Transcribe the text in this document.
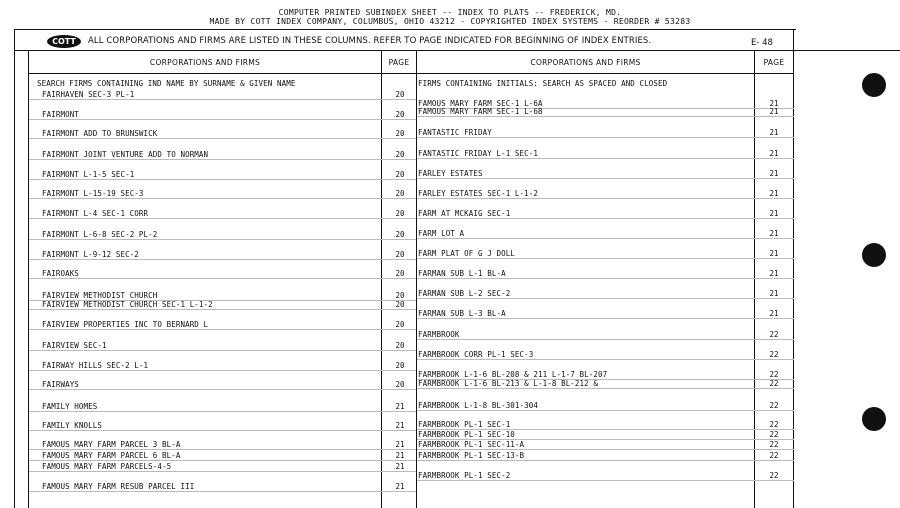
COMPUTER PRINTED SUBINDEX SHEET -- INDEX TO PLATS -- FREDERICK, MD.
MADE BY COTT INDEX COMPANY, COLUMBUS, OHIO 43212 - COPYRIGHTED INDEX SYSTEMS - REORDER # 53283
COTT	ALL CORPORATIONS AND FIRMS ARE LISTED IN THESE COLUMNS. REFER TO PAGE INDICATED FOR BEGINNING OF INDEX ENTRIES.	E- 48
CORPORATIONS AND FIRMS	PAGE	CORPORATIONS AND FIRMS	PAGE
SEARCH FIRMS CONTAINING IND NAME BY SURNAME & GIVEN NAME	FIRMS CONTAINING INITIALS: SEARCH AS SPACED AND CLOSED
FAIRHAVEN SEC-3 PL-1	20
FAIRMONT	20
FAIRMONT ADD TO BRUNSWICK	20
FAIRMONT JOINT VENTURE ADD TO NORMAN	20
FAIRMONT L-1-5 SEC-1	20
FAIRMONT L-15-19 SEC-3	20
FAIRMONT L-4 SEC-1 CORR	20
FAIRMONT L-6-8 SEC-2 PL-2	20
FAIRMONT L-9-12 SEC-2	20
FAIROAKS	20
FAIRVIEW METHODIST CHURCH	20
FAIRVIEW METHODIST CHURCH SEC-1 L-1-2	20
FAIRVIEW PROPERTIES INC TO BERNARD L	20
FAIRVIEW SEC-1	20
FAIRWAY HILLS SEC-2 L-1	20
FAIRWAYS	20
FAMILY HOMES	21
FAMILY KNOLLS	21
FAMOUS MARY FARM PARCEL 3 BL-A	21
FAMOUS MARY FARM PARCEL 6 BL-A	21
FAMOUS MARY FARM PARCELS-4-5	21
FAMOUS MARY FARM RESUB PARCEL III	21
FAMOUS MARY FARM SEC-1 L-6A	21
FAMOUS MARY FARM SEC-1 L-6B	21
FANTASTIC FRIDAY	21
FANTASTIC FRIDAY L-1 SEC-1	21
FARLEY ESTATES	21
FARLEY ESTATES SEC-1 L-1-2	21
FARM AT MCKAIG SEC-1	21
FARM LOT A	21
FARM PLAT OF G J DOLL	21
FARMAN SUB L-1 BL-A	21
FARMAN SUB L-2 SEC-2	21
FARMAN SUB L-3 BL-A	21
FARMBROOK	22
FARMBROOK CORR PL-1 SEC-3	22
FARMBROOK L-1-6 BL-208 & 211 L-1-7 BL-207	22
FARMBROOK L-1-6 BL-213 & L-1-8 BL-212 &	22
FARMBROOK L-1-8 BL-301-304	22
FARMBROOK PL-1 SEC-1	22
FARMBROOK PL-1 SEC-10	22
FARMBROOK PL-1 SEC-11-A	22
FARMBROOK PL-1 SEC-13-B	22
FARMBROOK PL-1 SEC-2	22
